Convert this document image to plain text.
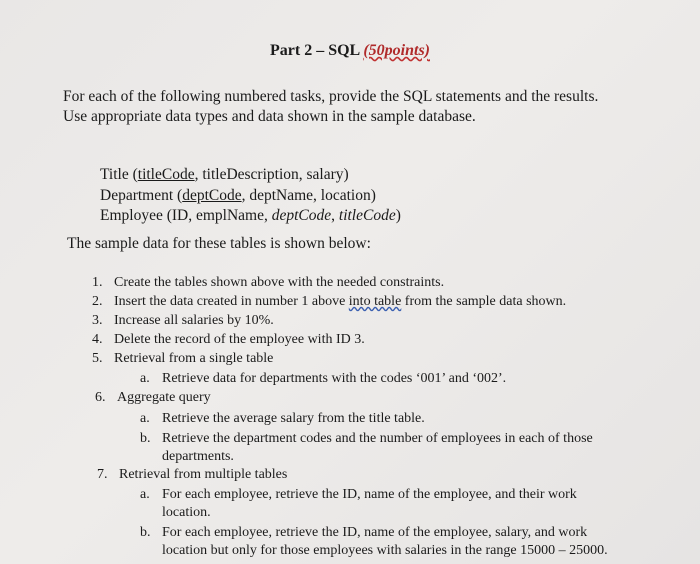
Part 2 – SQL (50points)
For each of the following numbered tasks, provide the SQL statements and the results.
Use appropriate data types and data shown in the sample database.
Title (titleCode, titleDescription, salary)
Department (deptCode, deptName, location)
Employee (ID, emplName, deptCode, titleCode)
The sample data for these tables is shown below:
1. Create the tables shown above with the needed constraints.
2. Insert the data created in number 1 above into table from the sample data shown.
3. Increase all salaries by 10%.
4. Delete the record of the employee with ID 3.
5. Retrieval from a single table
a. Retrieve data for departments with the codes ‘001’ and ‘002’.
6. Aggregate query
a. Retrieve the average salary from the title table.
b. Retrieve the department codes and the number of employees in each of those
departments.
7. Retrieval from multiple tables
a. For each employee, retrieve the ID, name of the employee, and their work
location.
b. For each employee, retrieve the ID, name of the employee, salary, and work
location but only for those employees with salaries in the range 15000 – 25000.
